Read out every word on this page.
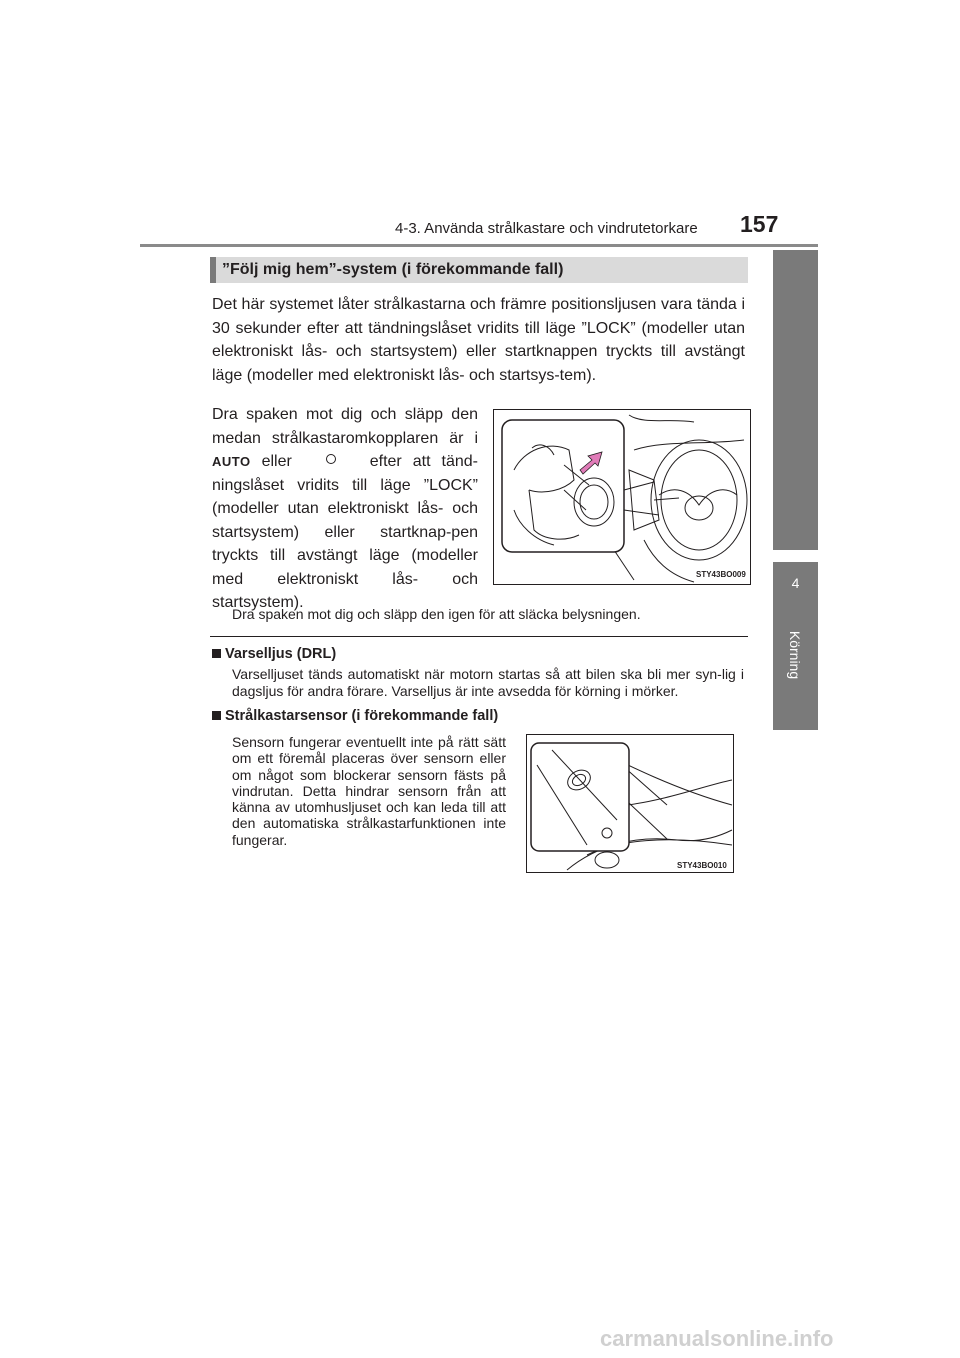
4-3. Använda strålkastare och vindrutetorkare 157
4
Körning
”Följ mig hem”-system (i förekommande fall)
Det här systemet låter strålkastarna och främre positionsljusen vara tända i 30 sekunder efter att tändningslåset vridits till läge ”LOCK” (modeller utan elektroniskt lås- och startsystem) eller startknappen tryckts till avstängt läge (modeller med elektroniskt lås- och startsys-tem).
Dra spaken mot dig och släpp den medan strålkastaromkopplaren är i AUTO eller	efter att tänd-ningslåset vridits till läge ”LOCK” (modeller utan elektroniskt lås- och startsystem) eller startknap-pen tryckts till avstängt läge (modeller med elektroniskt lås- och startsystem).
STY43BO009
Dra spaken mot dig och släpp den igen för att släcka belysningen.
Varselljus (DRL)
Varselljuset tänds automatiskt när motorn startas så att bilen ska bli mer syn-lig i dagsljus för andra förare. Varselljus är inte avsedda för körning i mörker.
Strålkastarsensor (i förekommande fall)
Sensorn fungerar eventuellt inte på rätt sätt om ett föremål placeras över sensorn eller om något som blockerar sensorn fästs på vindrutan. Detta hindrar sensorn från att känna av utomhusljuset och kan leda till att den automatiska strålkastarfunktionen inte fungerar.
STY43BO010
carmanualsonline.info
